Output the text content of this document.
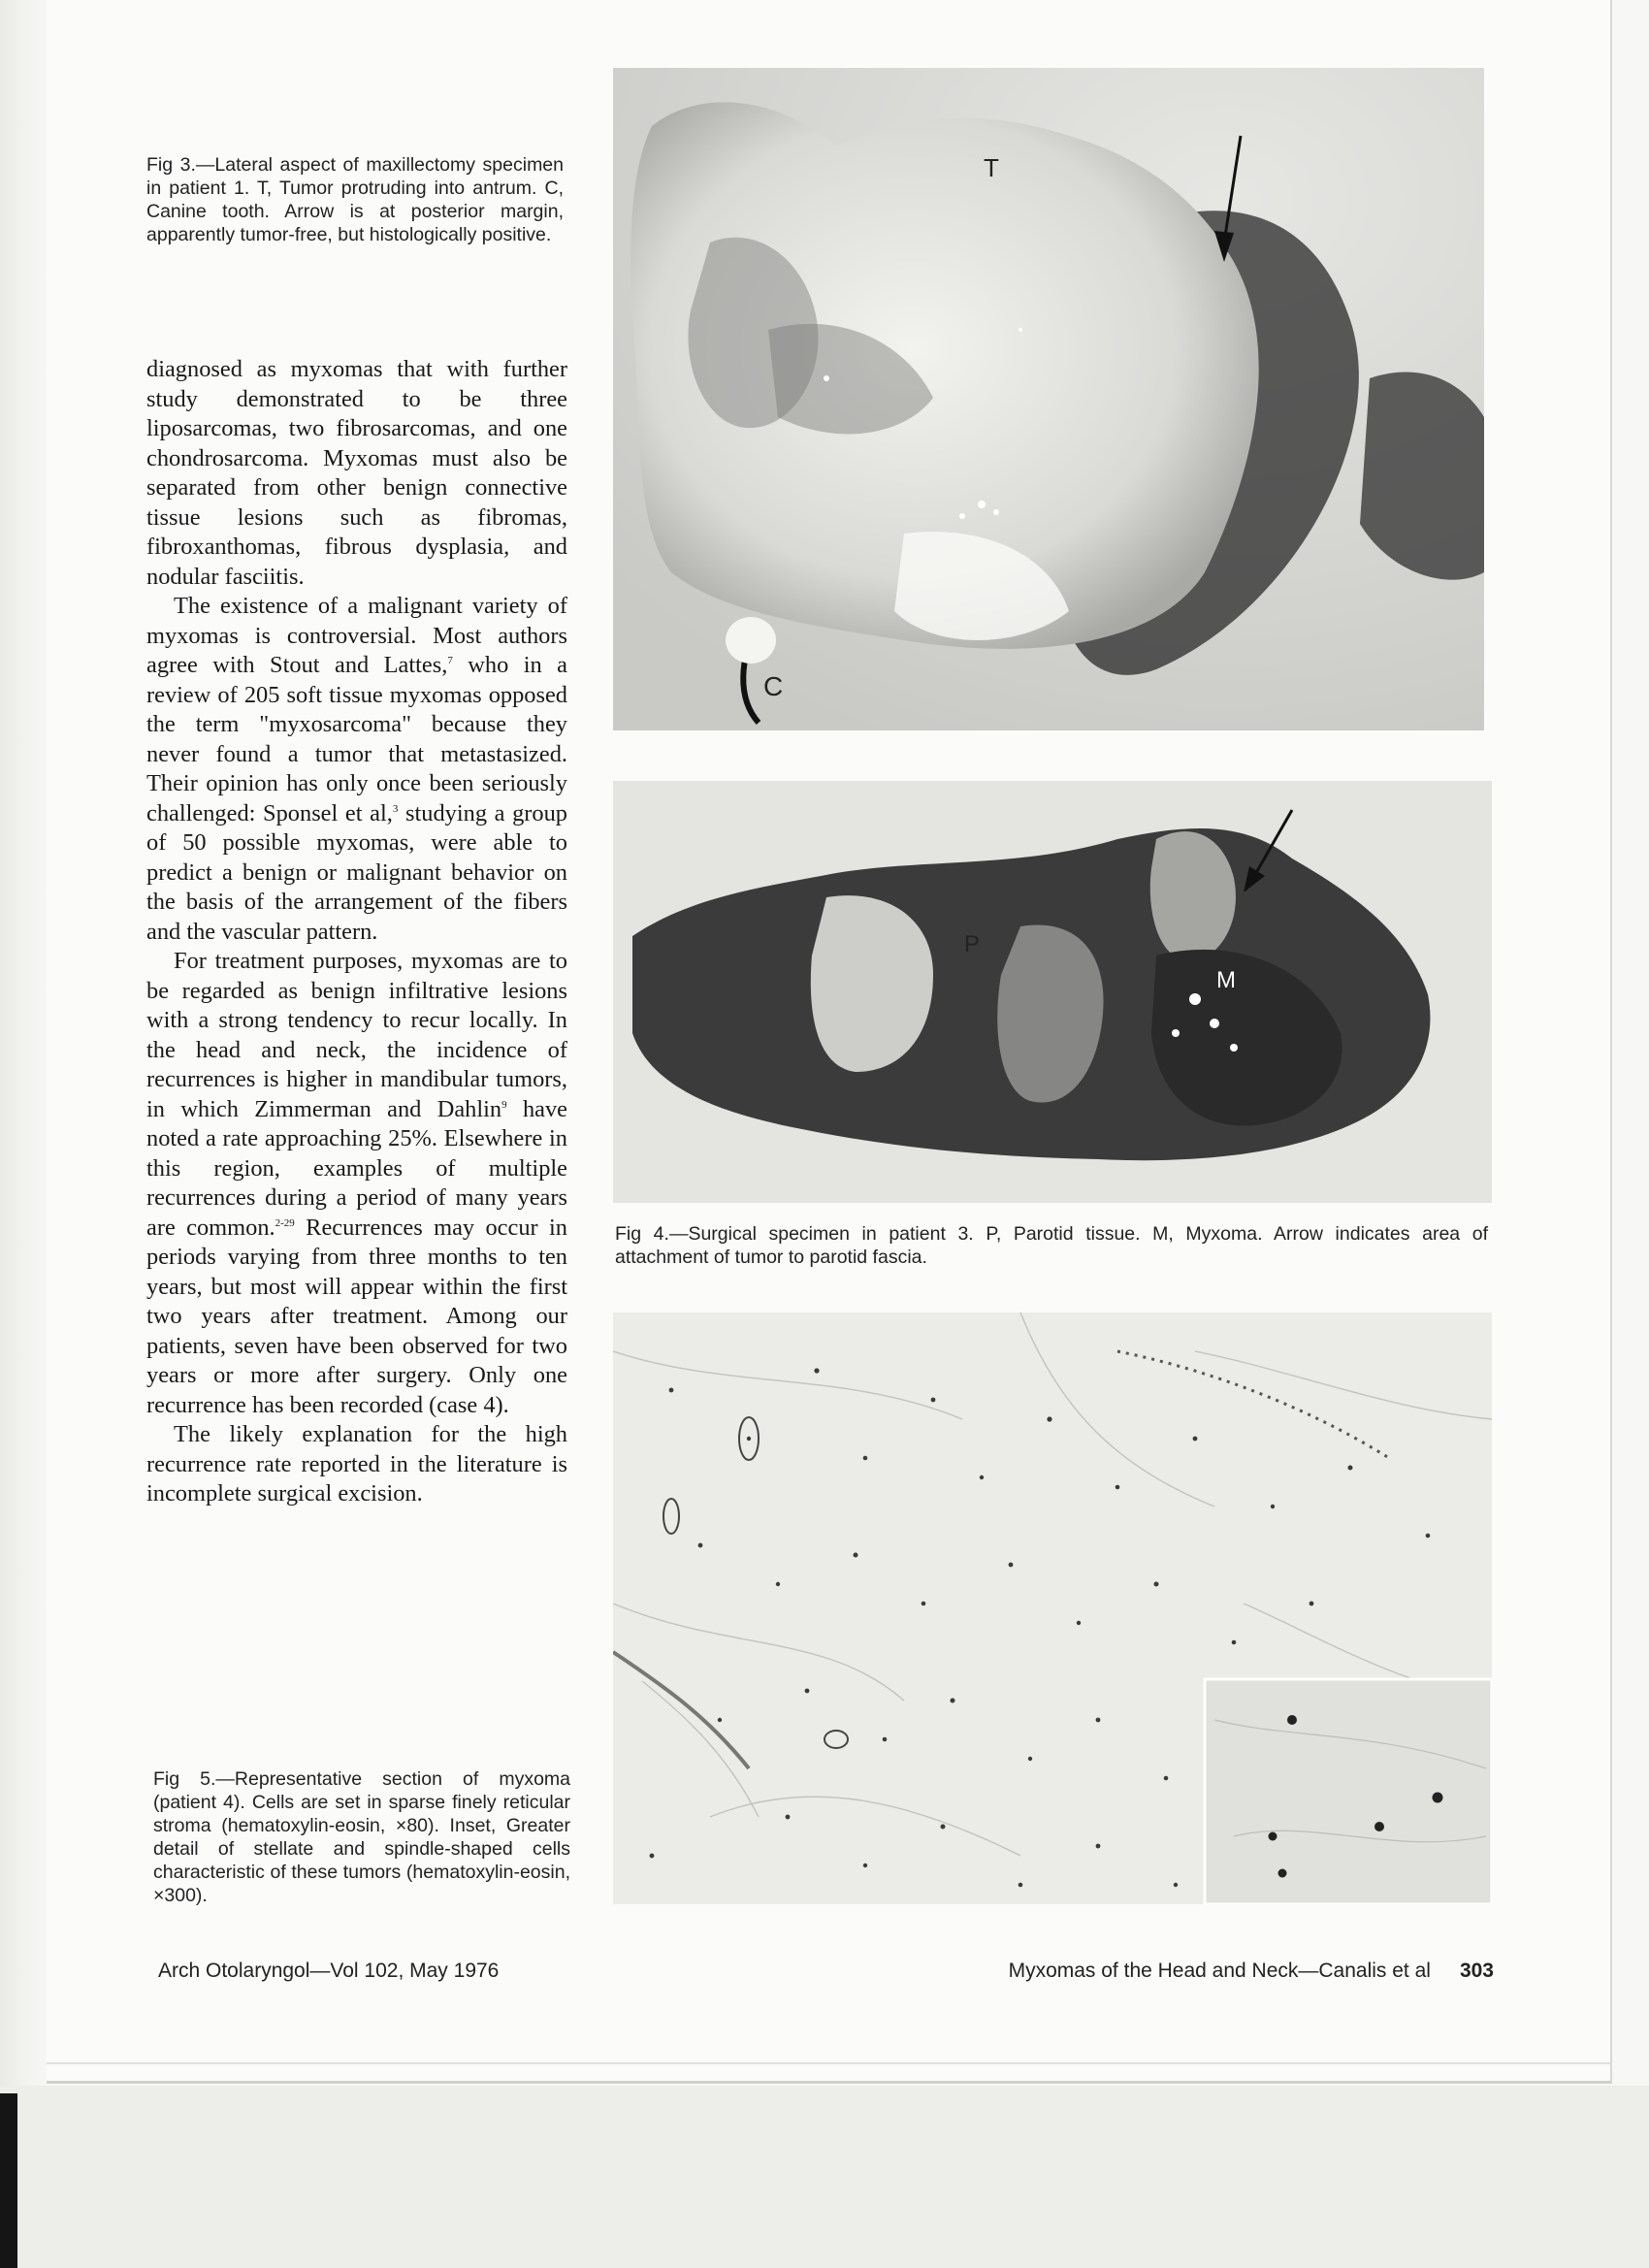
Fig 3.—Lateral aspect of maxillectomy specimen in patient 1. T, Tumor protruding into antrum. C, Canine tooth. Arrow is at posterior margin, apparently tumor-free, but histologically positive.

diagnosed as myxomas that with further study demonstrated to be three liposarcomas, two fibrosarcomas, and one chondrosarcoma. Myxomas must also be separated from other benign connective tissue lesions such as fibromas, fibroxanthomas, fibrous dysplasia, and nodular fasciitis.

The existence of a malignant variety of myxomas is controversial. Most authors agree with Stout and Lattes,$^7$ who in a review of 205 soft tissue myxomas opposed the term "myxosarcoma" because they never found a tumor that metastasized. Their opinion has only once been seriously challenged: Sponsel et al,$^3$ studying a group of 50 possible myxomas, were able to predict a benign or malignant behavior on the basis of the arrangement of the fibers and the vascular pattern.

For treatment purposes, myxomas are to be regarded as benign infiltrative lesions with a strong tendency to recur locally. In the head and neck, the incidence of recurrences is higher in mandibular tumors, in which Zimmerman and Dahlin$^9$ have noted a rate approaching 25%. Elsewhere in this region, examples of multiple recurrences during a period of many years are common.$^{2-29}$ Recurrences may occur in periods varying from three months to ten years, but most will appear within the first two years after treatment. Among our patients, seven have been observed for two years or more after surgery. Only one recurrence has been recorded (case 4).

The likely explanation for the high recurrence rate reported in the literature is incomplete surgical excision.

T
C
P
M
Fig 4.—Surgical specimen in patient 3. P, Parotid tissue. M, Myxoma. Arrow indicates area of attachment of tumor to parotid fascia.
Fig 5.—Representative section of myxoma (patient 4). Cells are set in sparse finely reticular stroma (hematoxylin-eosin, ×80). Inset, Greater detail of stellate and spindle-shaped cells characteristic of these tumors (hematoxylin-eosin, ×300).
Arch Otolaryngol—Vol 102, May 1976	Myxomas of the Head and Neck—Canalis et al 303
